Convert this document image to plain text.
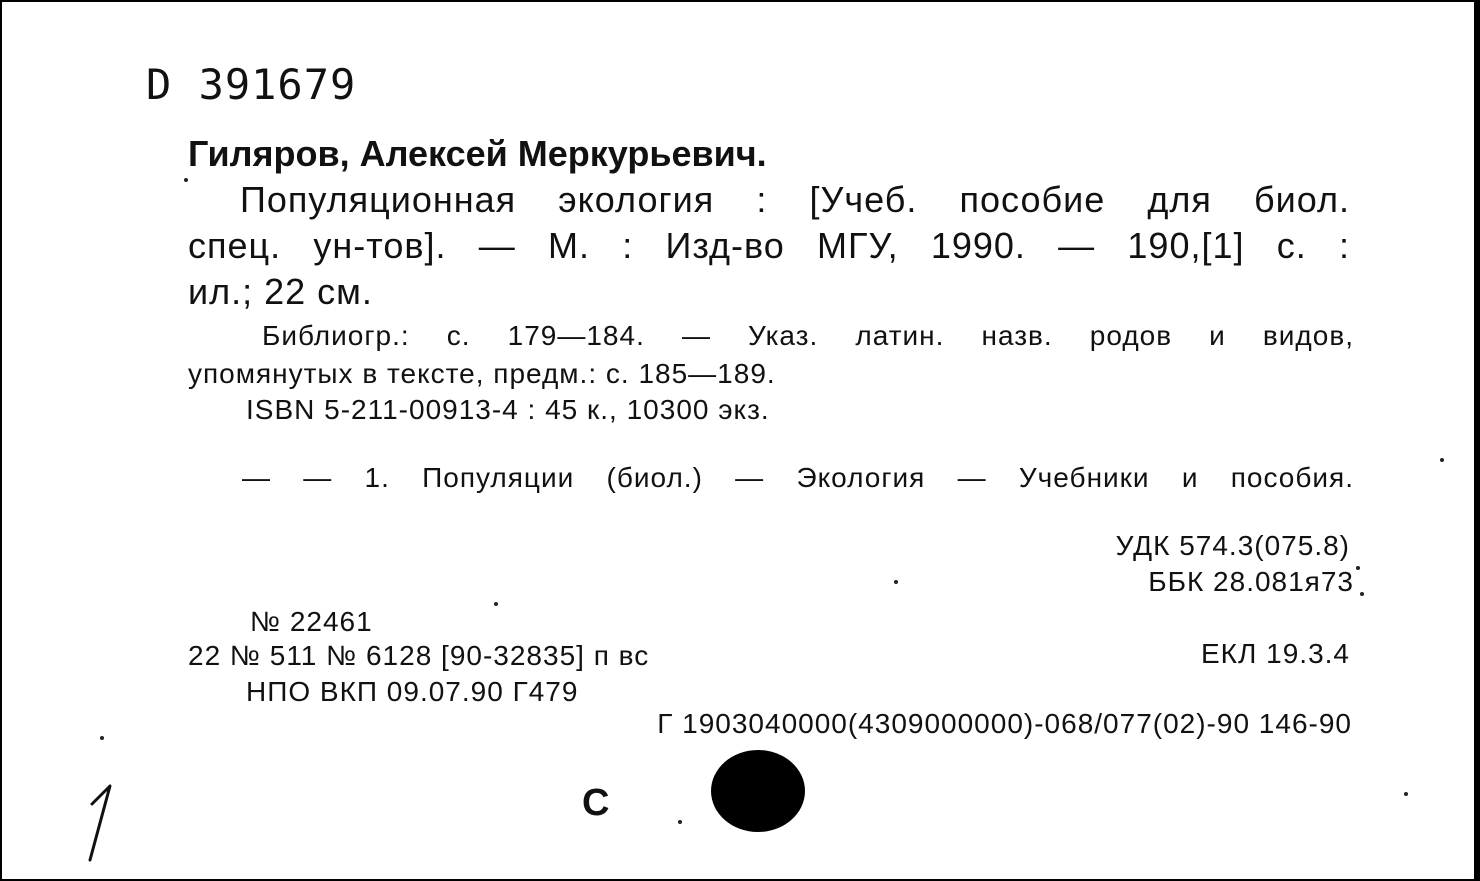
D 391679
Гиляров, Алексей Меркурьевич.
Популяционная экология : [Учеб. пособие для биол.
спец. ун-тов]. — М. : Изд-во МГУ, 1990. — 190,[1] с. :
ил.; 22 см.
Библиогр.: с. 179—184. — Указ. латин. назв. родов и видов,
упомянутых в тексте, предм.: с. 185—189.
ISBN 5-211-00913-4 : 45 к., 10300 экз.
— — 1. Популяции (биол.) — Экология — Учебники и пособия.
УДК 574.3(075.8)
ББК 28.081я73
№ 22461
22 № 511 № 6128 [90-32835] п вс	ЕКЛ 19.3.4
НПО ВКП 09.07.90 Г479
Г 1903040000(4309000000)-068/077(02)-90 146-90
С
